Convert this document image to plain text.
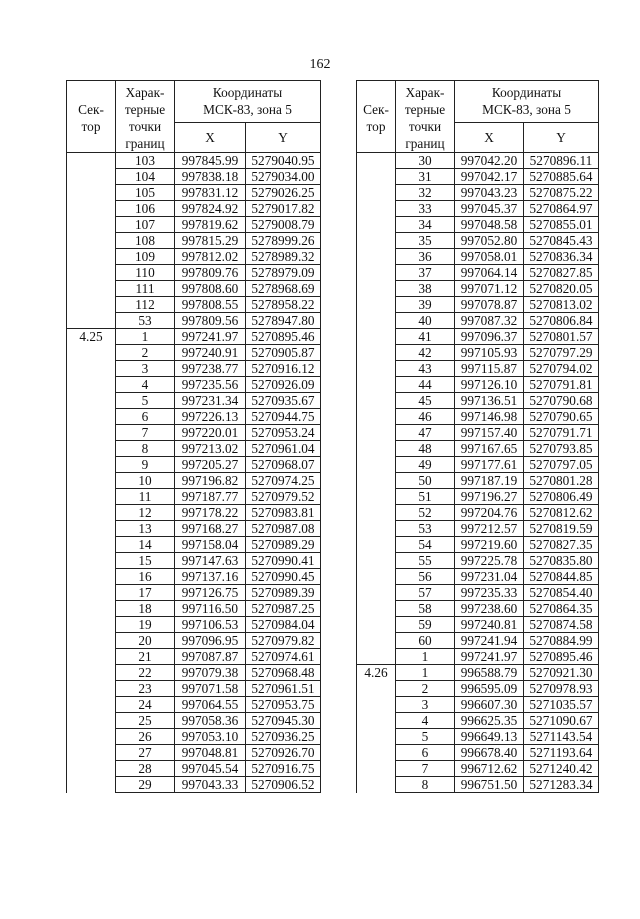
162
Сек-
тор	Харак-
терные
точки
границ	Координаты
МСК-83, зона 5	
		X	Y
	103	997845.99	5279040.95
	104	997838.18	5279034.00
	105	997831.12	5279026.25
	106	997824.92	5279017.82
	107	997819.62	5279008.79
	108	997815.29	5278999.26
	109	997812.02	5278989.32
	110	997809.76	5278979.09
	111	997808.60	5278968.69
	112	997808.55	5278958.22
	53	997809.56	5278947.80
4.25	1	997241.97	5270895.46
	2	997240.91	5270905.87
	3	997238.77	5270916.12
	4	997235.56	5270926.09
	5	997231.34	5270935.67
	6	997226.13	5270944.75
	7	997220.01	5270953.24
	8	997213.02	5270961.04
	9	997205.27	5270968.07
	10	997196.82	5270974.25
	11	997187.77	5270979.52
	12	997178.22	5270983.81
	13	997168.27	5270987.08
	14	997158.04	5270989.29
	15	997147.63	5270990.41
	16	997137.16	5270990.45
	17	997126.75	5270989.39
	18	997116.50	5270987.25
	19	997106.53	5270984.04
	20	997096.95	5270979.82
	21	997087.87	5270974.61
	22	997079.38	5270968.48
	23	997071.58	5270961.51
	24	997064.55	5270953.75
	25	997058.36	5270945.30
	26	997053.10	5270936.25
	27	997048.81	5270926.70
	28	997045.54	5270916.75
	29	997043.33	5270906.52
Сек-
тор	Харак-
терные
точки
границ	Координаты
МСК-83, зона 5	
		X	Y
	30	997042.20	5270896.11
	31	997042.17	5270885.64
	32	997043.23	5270875.22
	33	997045.37	5270864.97
	34	997048.58	5270855.01
	35	997052.80	5270845.43
	36	997058.01	5270836.34
	37	997064.14	5270827.85
	38	997071.12	5270820.05
	39	997078.87	5270813.02
	40	997087.32	5270806.84
	41	997096.37	5270801.57
	42	997105.93	5270797.29
	43	997115.87	5270794.02
	44	997126.10	5270791.81
	45	997136.51	5270790.68
	46	997146.98	5270790.65
	47	997157.40	5270791.71
	48	997167.65	5270793.85
	49	997177.61	5270797.05
	50	997187.19	5270801.28
	51	997196.27	5270806.49
	52	997204.76	5270812.62
	53	997212.57	5270819.59
	54	997219.60	5270827.35
	55	997225.78	5270835.80
	56	997231.04	5270844.85
	57	997235.33	5270854.40
	58	997238.60	5270864.35
	59	997240.81	5270874.58
	60	997241.94	5270884.99
	1	997241.97	5270895.46
4.26	1	996588.79	5270921.30
	2	996595.09	5270978.93
	3	996607.30	5271035.57
	4	996625.35	5271090.67
	5	996649.13	5271143.54
	6	996678.40	5271193.64
	7	996712.62	5271240.42
	8	996751.50	5271283.34
